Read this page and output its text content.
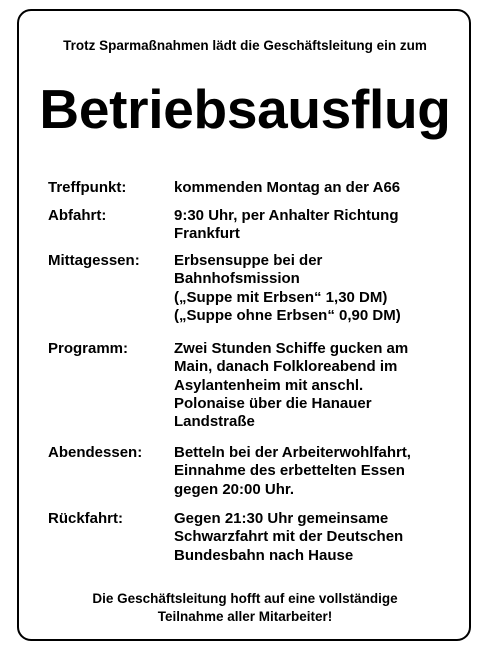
Trotz Sparmaßnahmen lädt die Geschäftsleitung ein zum
Betriebsausflug
Treffpunkt:	kommenden Montag an der A66
Abfahrt:	9:30 Uhr, per Anhalter Richtung
Frankfurt
Mittagessen: Erbsensuppe bei der
Bahnhofsmission
(„Suppe mit Erbsen“ 1,30 DM)
(„Suppe ohne Erbsen“ 0,90 DM)
Programm:	Zwei Stunden Schiffe gucken am
Main, danach Folkloreabend im
Asylantenheim mit anschl.
Polonaise über die Hanauer
Landstraße
Abendessen: Betteln bei der Arbeiterwohlfahrt,
Einnahme des erbettelten Essen
gegen 20:00 Uhr.
Rückfahrt:	Gegen 21:30 Uhr gemeinsame
Schwarzfahrt mit der Deutschen
Bundesbahn nach Hause
Die Geschäftsleitung hofft auf eine vollständige
Teilnahme aller Mitarbeiter!
